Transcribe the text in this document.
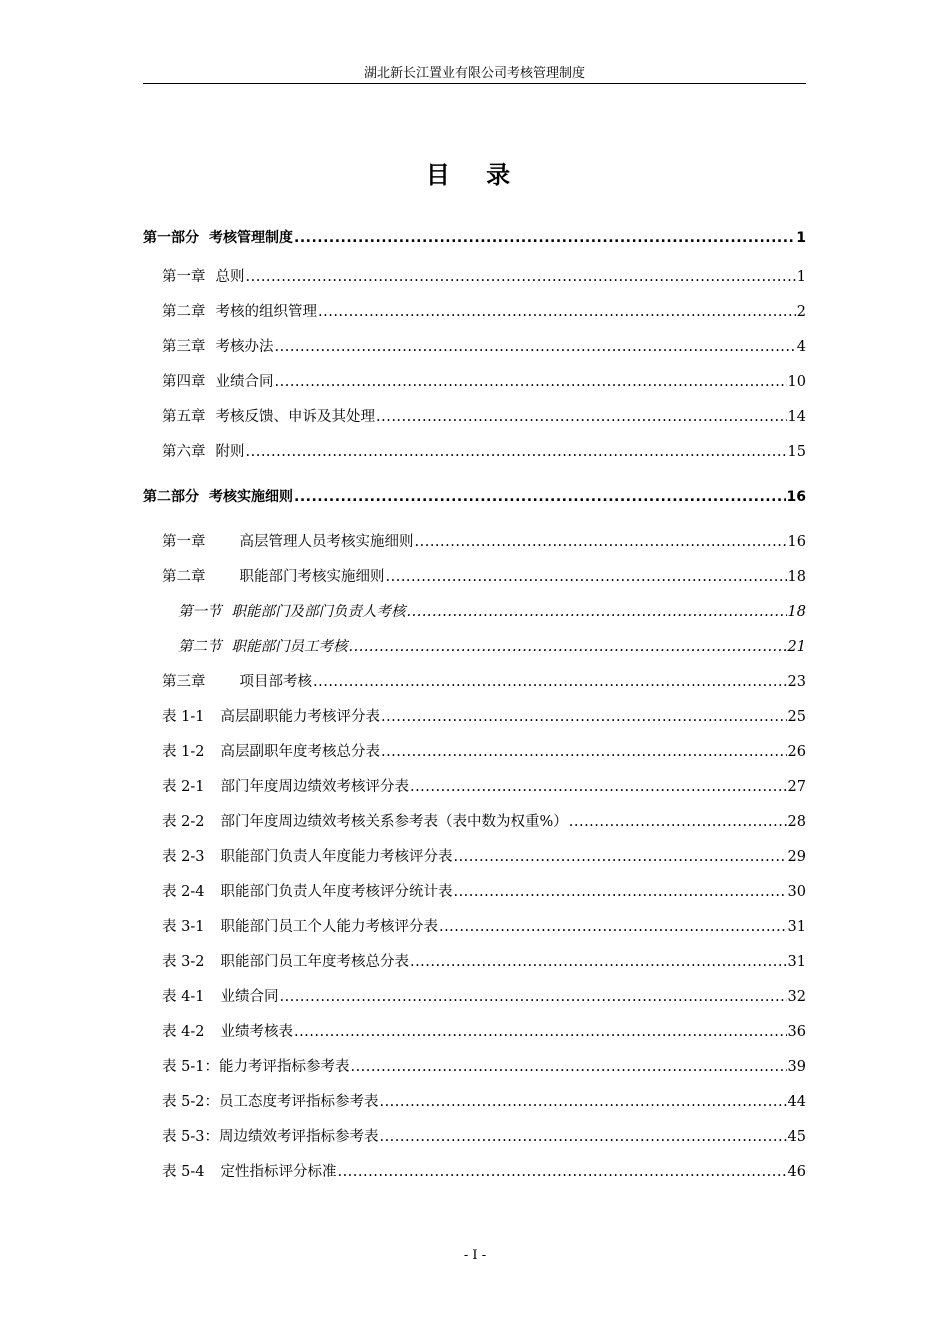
湖北新长江置业有限公司考核管理制度
目 录
第一部分 考核管理制度 .....	1
第一章 总则 .....	1
第二章 考核的组织管理 .....	2
第三章 考核办法 .....	4
第四章 业绩合同 .....	10
第五章 考核反馈、申诉及其处理 .....	14
第六章 附则 .....	15
第二部分 考核实施细则 .....	16
第一章 高层管理人员考核实施细则 .....	16
第二章 职能部门考核实施细则 .....	18
第一节 职能部门及部门负责人考核 .....	18
第二节 职能部门员工考核 .....	21
第三章 项目部考核 .....	23
表 1-1 高层副职能力考核评分表 .....	25
表 1-2 高层副职年度考核总分表 .....	26
表 2-1 部门年度周边绩效考核评分表 .....	27
表 2-2 部门年度周边绩效考核关系参考表（表中数为权重%） .....	28
表 2-3 职能部门负责人年度能力考核评分表 .....	29
表 2-4 职能部门负责人年度考核评分统计表 .....	30
表 3-1 职能部门员工个人能力考核评分表 .....	31
表 3-2 职能部门员工年度考核总分表 .....	31
表 4-1 业绩合同 .....	32
表 4-2 业绩考核表 .....	36
表 5-1：能力考评指标参考表 .....	39
表 5-2：员工态度考评指标参考表 .....	44
表 5-3：周边绩效考评指标参考表 .....	45
表 5-4 定性指标评分标准 .....	46
- I -
